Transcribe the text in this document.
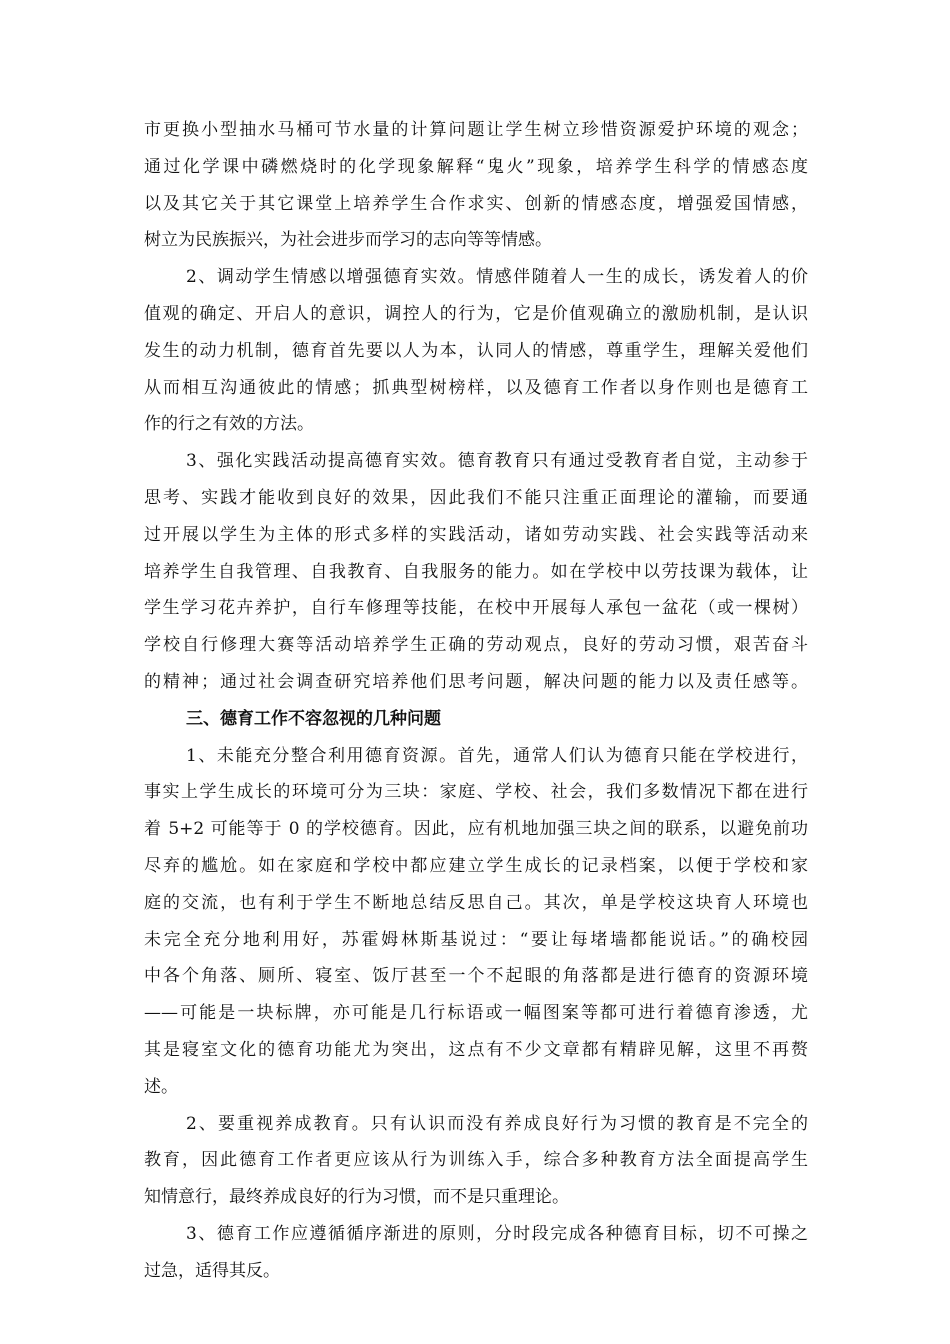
市更换小型抽水马桶可节水量的计算问题让学生树立珍惜资源爱护环境的观念；
通过化学课中磷燃烧时的化学现象解释“鬼火”现象，培养学生科学的情感态度
以及其它关于其它课堂上培养学生合作求实、创新的情感态度，增强爱国情感，
树立为民族振兴，为社会进步而学习的志向等等情感。
2、调动学生情感以增强德育实效。情感伴随着人一生的成长，诱发着人的价
值观的确定、开启人的意识，调控人的行为，它是价值观确立的激励机制，是认识
发生的动力机制，德育首先要以人为本，认同人的情感，尊重学生，理解关爱他们
从而相互沟通彼此的情感；抓典型树榜样，以及德育工作者以身作则也是德育工
作的行之有效的方法。
3、强化实践活动提高德育实效。德育教育只有通过受教育者自觉，主动参于
思考、实践才能收到良好的效果，因此我们不能只注重正面理论的灌输，而要通
过开展以学生为主体的形式多样的实践活动，诸如劳动实践、社会实践等活动来
培养学生自我管理、自我教育、自我服务的能力。如在学校中以劳技课为载体，让
学生学习花卉养护，自行车修理等技能，在校中开展每人承包一盆花（或一棵树）
学校自行修理大赛等活动培养学生正确的劳动观点，良好的劳动习惯，艰苦奋斗
的精神；通过社会调查研究培养他们思考问题，解决问题的能力以及责任感等。
三、德育工作不容忽视的几种问题
1、未能充分整合利用德育资源。首先，通常人们认为德育只能在学校进行，
事实上学生成长的环境可分为三块：家庭、学校、社会，我们多数情况下都在进行
着 5+2 可能等于 0 的学校德育。因此，应有机地加强三块之间的联系，以避免前功
尽弃的尴尬。如在家庭和学校中都应建立学生成长的记录档案，以便于学校和家
庭的交流，也有利于学生不断地总结反思自己。其次，单是学校这块育人环境也
未完全充分地利用好，苏霍姆林斯基说过：“要让每堵墙都能说话。”的确校园
中各个角落、厕所、寝室、饭厅甚至一个不起眼的角落都是进行德育的资源环境
——可能是一块标牌，亦可能是几行标语或一幅图案等都可进行着德育渗透，尤
其是寝室文化的德育功能尤为突出，这点有不少文章都有精辟见解，这里不再赘
述。
2、要重视养成教育。只有认识而没有养成良好行为习惯的教育是不完全的
教育，因此德育工作者更应该从行为训练入手，综合多种教育方法全面提高学生
知情意行，最终养成良好的行为习惯，而不是只重理论。
3、德育工作应遵循循序渐进的原则，分时段完成各种德育目标，切不可操之
过急，适得其反。
